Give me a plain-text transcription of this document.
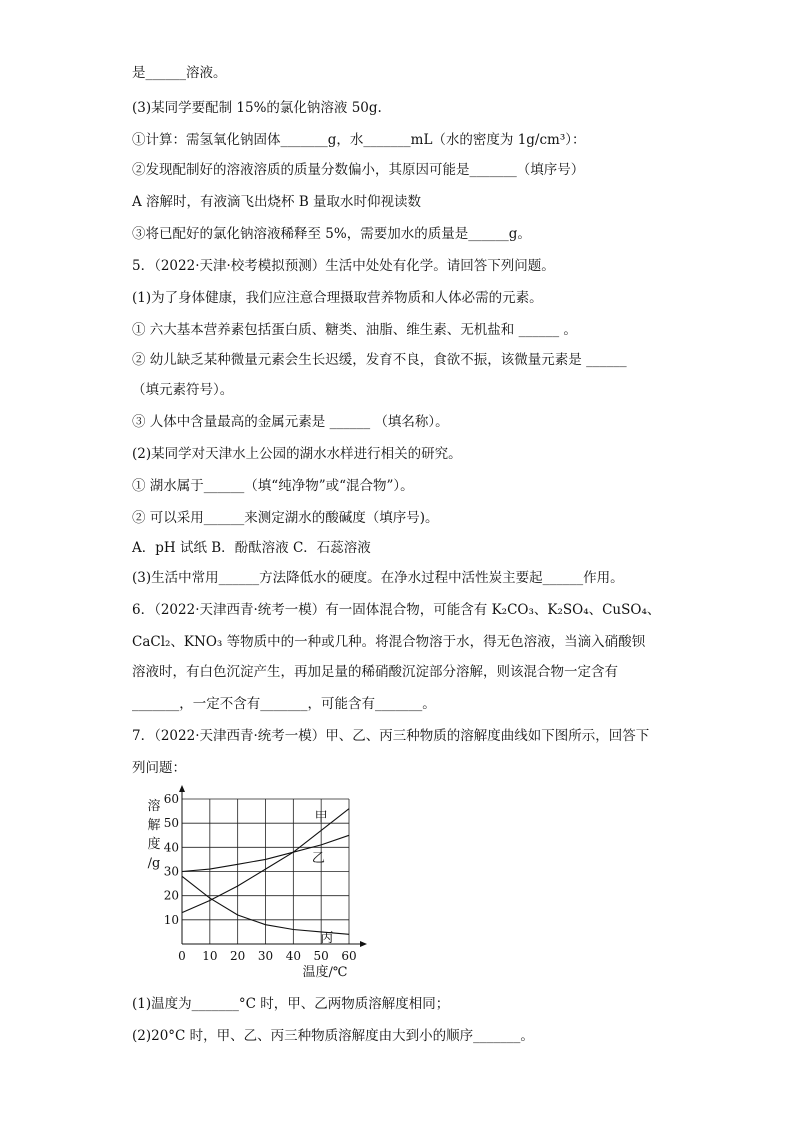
是______溶液。
(3)某同学要配制 15%的氯化钠溶液 50g.
①计算：需氢氧化钠固体_______g，水_______mL（水的密度为 1g/cm³）：
②发现配制好的溶液溶质的质量分数偏小，其原因可能是_______（填序号）
A 溶解时，有液滴飞出烧杯 B 量取水时仰视读数
③将已配好的氯化钠溶液稀释至 5%，需要加水的质量是______g。
5．（2022·天津·校考模拟预测）生活中处处有化学。请回答下列问题。
(1)为了身体健康，我们应注意合理摄取营养物质和人体必需的元素。
① 六大基本营养素包括蛋白质、糖类、油脂、维生素、无机盐和 ______ 。
② 幼儿缺乏某种微量元素会生长迟缓，发育不良，食欲不振，该微量元素是 ______
（填元素符号）。
③ 人体中含量最高的金属元素是 ______ （填名称）。
(2)某同学对天津水上公园的湖水水样进行相关的研究。
① 湖水属于______（填“纯净物”或“混合物”）。
② 可以采用______来测定湖水的酸碱度（填序号)。
A．pH 试纸 B．酚酞溶液 C．石蕊溶液
(3)生活中常用______方法降低水的硬度。在净水过程中活性炭主要起______作用。
6．（2022·天津西青·统考一模）有一固体混合物，可能含有 K₂CO₃、K₂SO₄、CuSO₄、
CaCl₂、KNO₃ 等物质中的一种或几种。将混合物溶于水，得无色溶液，当滴入硝酸钡
溶液时，有白色沉淀产生，再加足量的稀硝酸沉淀部分溶解，则该混合物一定含有
_______，一定不含有_______，可能含有_______。
7．（2022·天津西青·统考一模）甲、乙、丙三种物质的溶解度曲线如下图所示，回答下
列问题：
(1)温度为_______°C 时，甲、乙两物质溶解度相同；
(2)20°C 时，甲、乙、丙三种物质溶解度由大到小的顺序_______。
0 10 20 30 40 50 60
10
20
30
40
50
60
溶
解
度
/g
温度/℃
甲
乙
丙
